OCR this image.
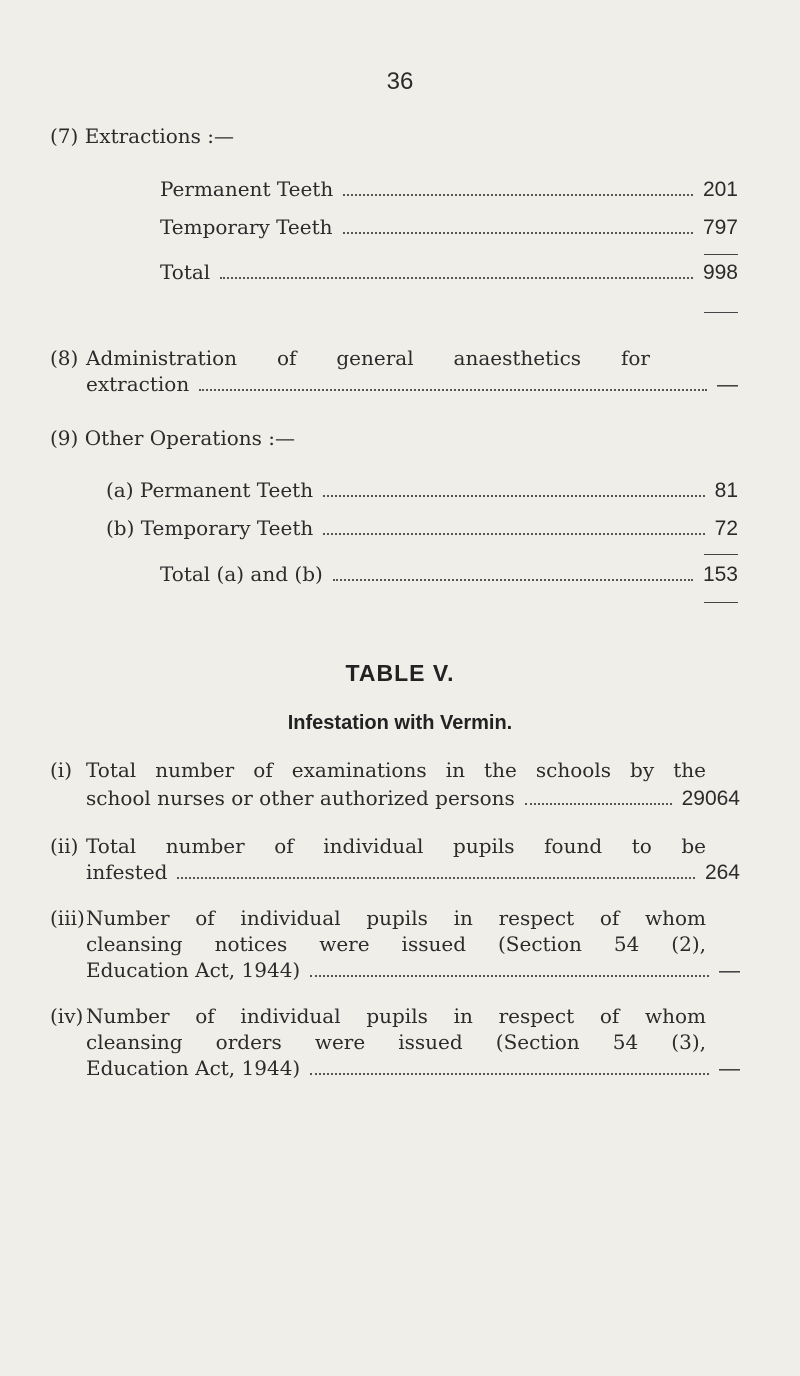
36
(7) Extractions :—
Permanent Teeth	201
Temporary Teeth	797
Total	998
(8) Administration of general anaesthetics for
extraction	—
(9) Other Operations :—
(a) Permanent Teeth	81
(b) Temporary Teeth	72
Total (a) and (b)	153
TABLE V.
Infestation with Vermin.
(i) Total number of examinations in the schools by the
school nurses or other authorized persons	29064
(ii) Total number of individual pupils found to be
infested	264
(iii) Number of individual pupils in respect of whom
cleansing notices were issued (Section 54 (2),
Education Act, 1944)	—
(iv) Number of individual pupils in respect of whom
cleansing orders were issued (Section 54 (3),
Education Act, 1944)	—
